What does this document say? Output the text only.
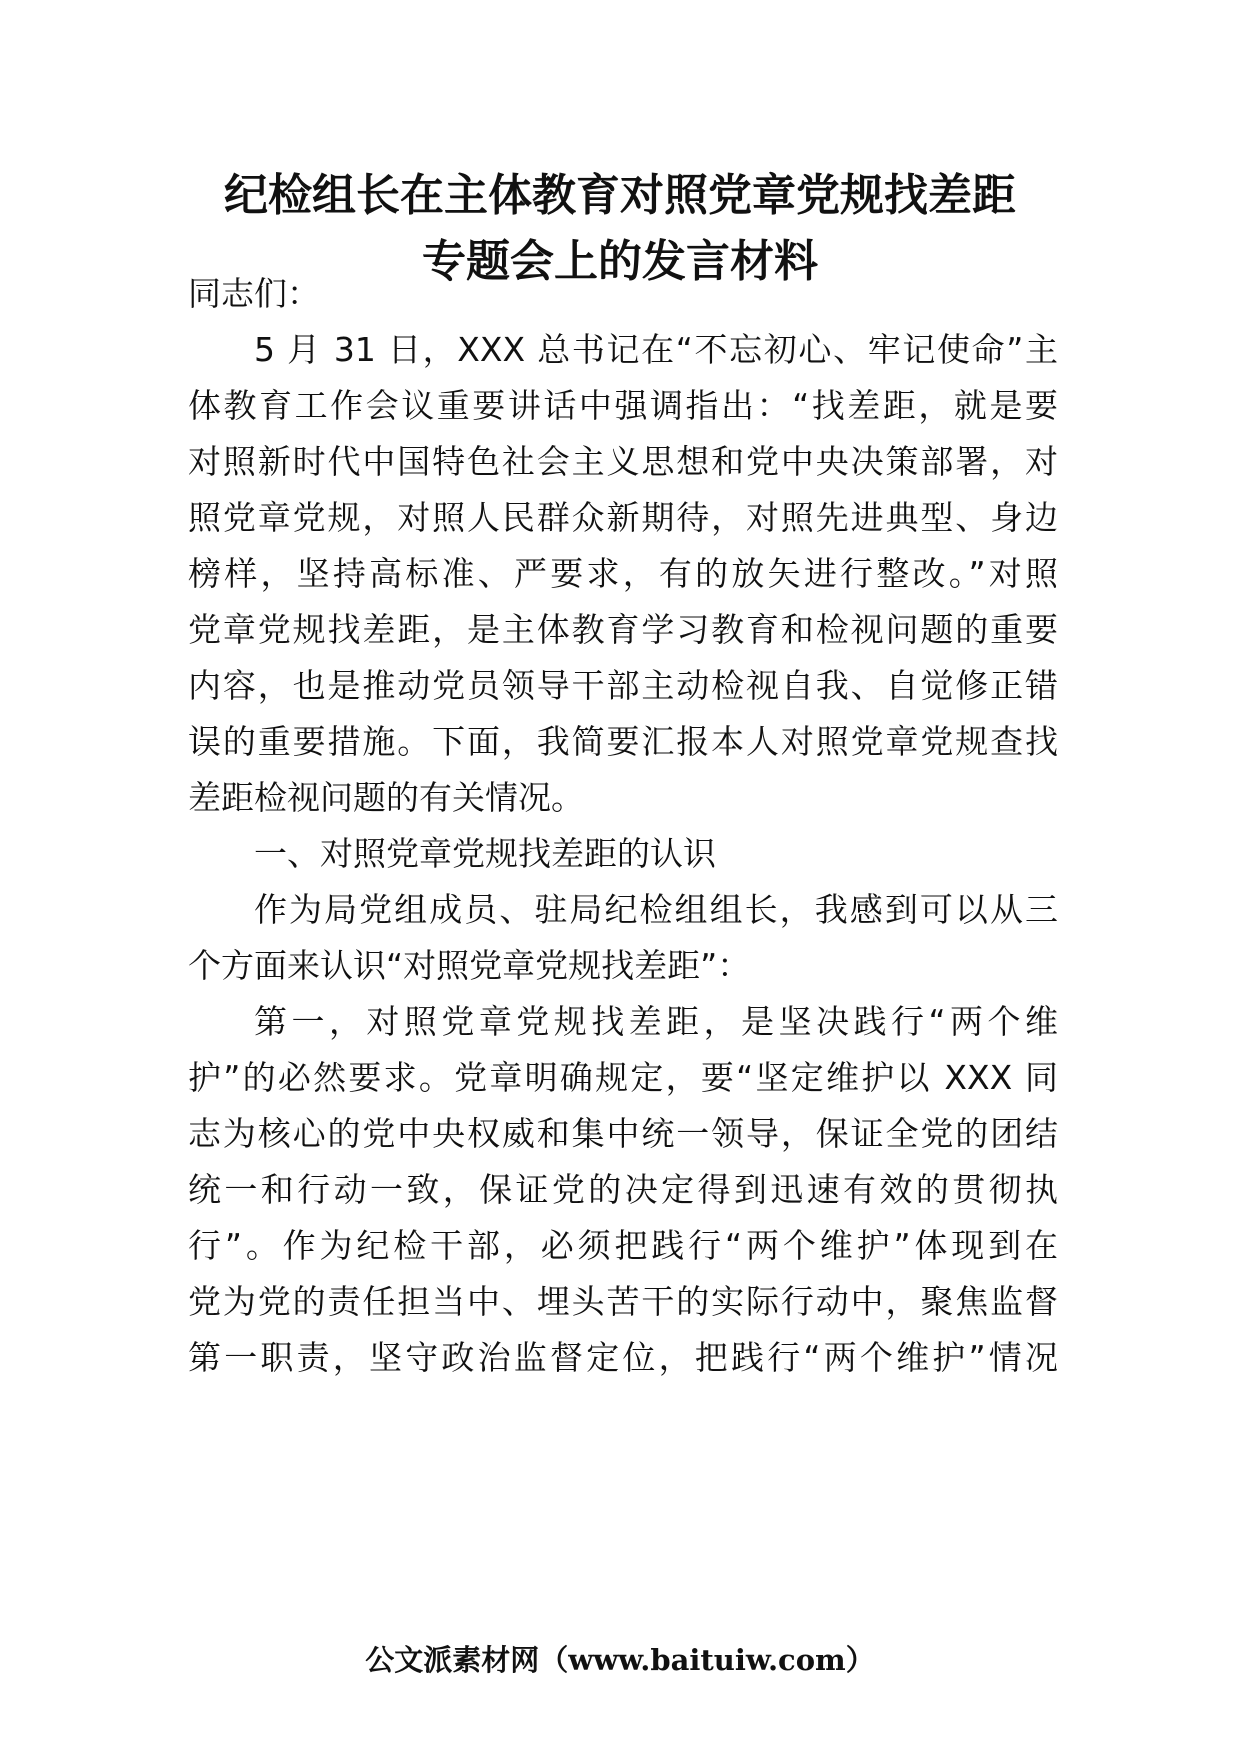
纪检组长在主体教育对照党章党规找差距
专题会上的发言材料
同志们：
5 月 31 日，XXX 总书记在“不忘初心、牢记使命”主
体教育工作会议重要讲话中强调指出：“找差距，就是要
对照新时代中国特色社会主义思想和党中央决策部署，对
照党章党规，对照人民群众新期待，对照先进典型、身边
榜样，坚持高标准、严要求，有的放矢进行整改。”对照
党章党规找差距，是主体教育学习教育和检视问题的重要
内容，也是推动党员领导干部主动检视自我、自觉修正错
误的重要措施。下面，我简要汇报本人对照党章党规查找
差距检视问题的有关情况。
一、对照党章党规找差距的认识
作为局党组成员、驻局纪检组组长，我感到可以从三
个方面来认识“对照党章党规找差距”：
第一，对照党章党规找差距，是坚决践行“两个维
护”的必然要求。党章明确规定，要“坚定维护以 XXX 同
志为核心的党中央权威和集中统一领导，保证全党的团结
统一和行动一致，保证党的决定得到迅速有效的贯彻执
行”。作为纪检干部，必须把践行“两个维护”体现到在
党为党的责任担当中、埋头苦干的实际行动中，聚焦监督
第一职责，坚守政治监督定位，把践行“两个维护”情况
公文派素材网（www.baituiw.com）
